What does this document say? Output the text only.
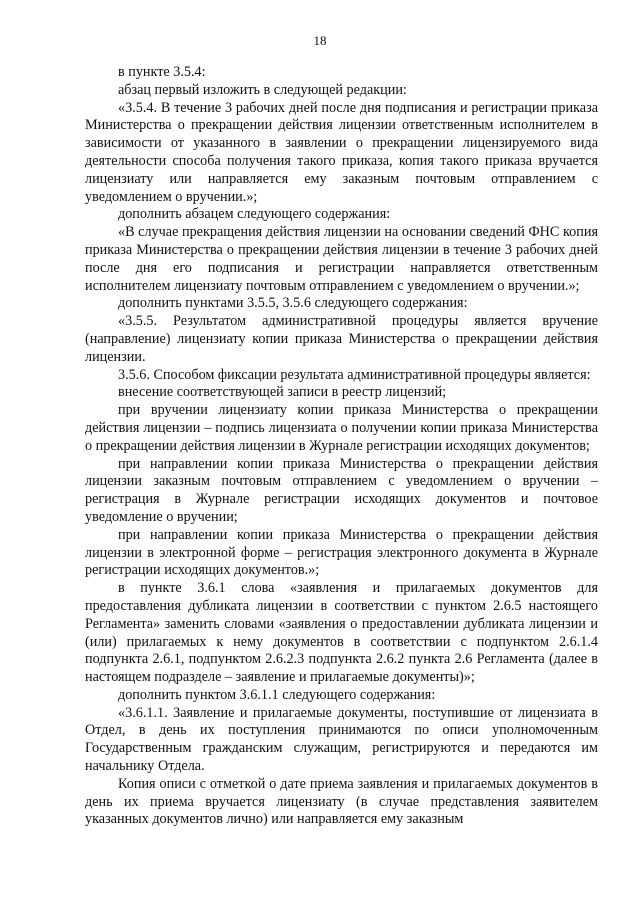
18

в пункте 3.5.4:

абзац первый изложить в следующей редакции:

«3.5.4. В течение 3 рабочих дней после дня подписания и регистрации приказа Министерства о прекращении действия лицензии ответственным исполнителем в зависимости от указанного в заявлении о прекращении лицензируемого вида деятельности способа получения такого приказа, копия такого приказа вручается лицензиату или направляется ему заказным почтовым отправлением с уведомлением о вручении.»;

дополнить абзацем следующего содержания:

«В случае прекращения действия лицензии на основании сведений ФНС копия приказа Министерства о прекращении действия лицензии в течение 3 рабочих дней после дня его подписания и регистрации направляется ответственным исполнителем лицензиату почтовым отправлением с уведомлением о вручении.»;

дополнить пунктами 3.5.5, 3.5.6 следующего содержания:

«3.5.5. Результатом административной процедуры является вручение (направление) лицензиату копии приказа Министерства о прекращении действия лицензии.

3.5.6. Способом фиксации результата административной процедуры является:

внесение соответствующей записи в реестр лицензий;

при вручении лицензиату копии приказа Министерства о прекращении действия лицензии – подпись лицензиата о получении копии приказа Министерства о прекращении действия лицензии в Журнале регистрации исходящих документов;

при направлении копии приказа Министерства о прекращении действия лицензии заказным почтовым отправлением с уведомлением о вручении – регистрация в Журнале регистрации исходящих документов и почтовое уведомление о вручении;

при направлении копии приказа Министерства о прекращении действия лицензии в электронной форме – регистрация электронного документа в Журнале регистрации исходящих документов.»;

в пункте 3.6.1 слова «заявления и прилагаемых документов для предоставления дубликата лицензии в соответствии с пунктом 2.6.5 настоящего Регламента» заменить словами «заявления о предоставлении дубликата лицензии и (или) прилагаемых к нему документов в соответствии с подпунктом 2.6.1.4 подпункта 2.6.1, подпунктом 2.6.2.3 подпункта 2.6.2 пункта 2.6 Регламента (далее в настоящем подразделе – заявление и прилагаемые документы)»;

дополнить пунктом 3.6.1.1 следующего содержания:

«3.6.1.1. Заявление и прилагаемые документы, поступившие от лицензиата в Отдел, в день их поступления принимаются по описи уполномоченным Государственным гражданским служащим, регистрируются и передаются им начальнику Отдела.

Копия описи с отметкой о дате приема заявления и прилагаемых документов в день их приема вручается лицензиату (в случае представления заявителем указанных документов лично) или направляется ему заказным
